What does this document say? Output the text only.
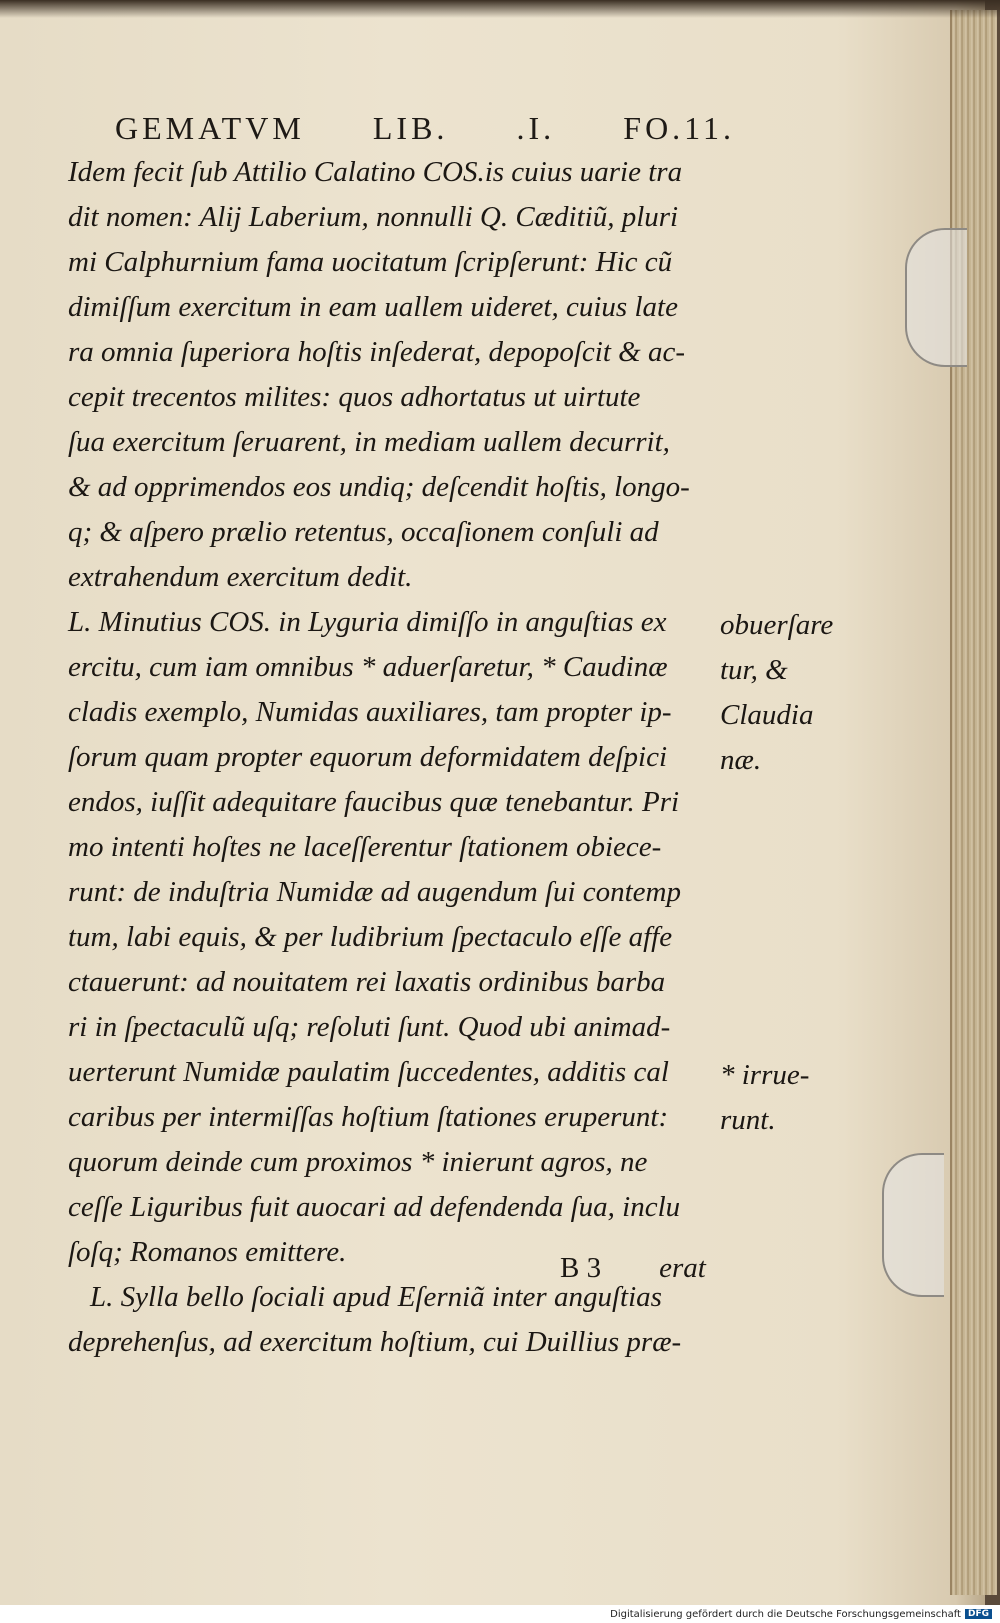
GEMATVM LIB. .I. FO.11.
Idem fecit ſub Attilio Calatino COS.is cuius uarie tra
dit nomen: Alij Laberium, nonnulli Q. Cæditiũ, pluri
mi Calphurnium fama uocitatum ſcripſerunt: Hic cũ
dimiſſum exercitum in eam uallem uideret, cuius late
ra omnia ſuperiora hoſtis inſederat, depopoſcit & ac-
cepit trecentos milites: quos adhortatus ut uirtute
ſua exercitum ſeruarent, in mediam uallem decurrit,
& ad opprimendos eos undiq; deſcendit hoſtis, longo-
q; & aſpero prælio retentus, occaſionem conſuli ad
extrahendum exercitum dedit.
L. Minutius COS. in Lyguria dimiſſo in anguſtias ex
ercitu, cum iam omnibus * aduerſaretur, * Caudinæ
cladis exemplo, Numidas auxiliares, tam propter ip-
ſorum quam propter equorum deformidatem deſpici
endos, iuſſit adequitare faucibus quæ tenebantur. Pri
mo intenti hoſtes ne laceſſerentur ſtationem obiece-
runt: de induſtria Numidæ ad augendum ſui contemp
tum, labi equis, & per ludibrium ſpectaculo eſſe affe
ctauerunt: ad nouitatem rei laxatis ordinibus barba
ri in ſpectaculũ uſq; reſoluti ſunt. Quod ubi animad-
uerterunt Numidæ paulatim ſuccedentes, additis cal
caribus per intermiſſas hoſtium ſtationes eruperunt:
quorum deinde cum proximos * inierunt agros, ne
ceſſe Liguribus fuit auocari ad defendenda ſua, inclu
ſoſq; Romanos emittere.
L. Sylla bello ſociali apud Eſerniã inter anguſtias
deprehenſus, ad exercitum hoſtium, cui Duillius præ-
obuerſare
tur, &
Claudia
næ.
* irrue-
runt.
B 3 erat
Digitalisierung gefördert durch die Deutsche Forschungsgemeinschaft DFG
